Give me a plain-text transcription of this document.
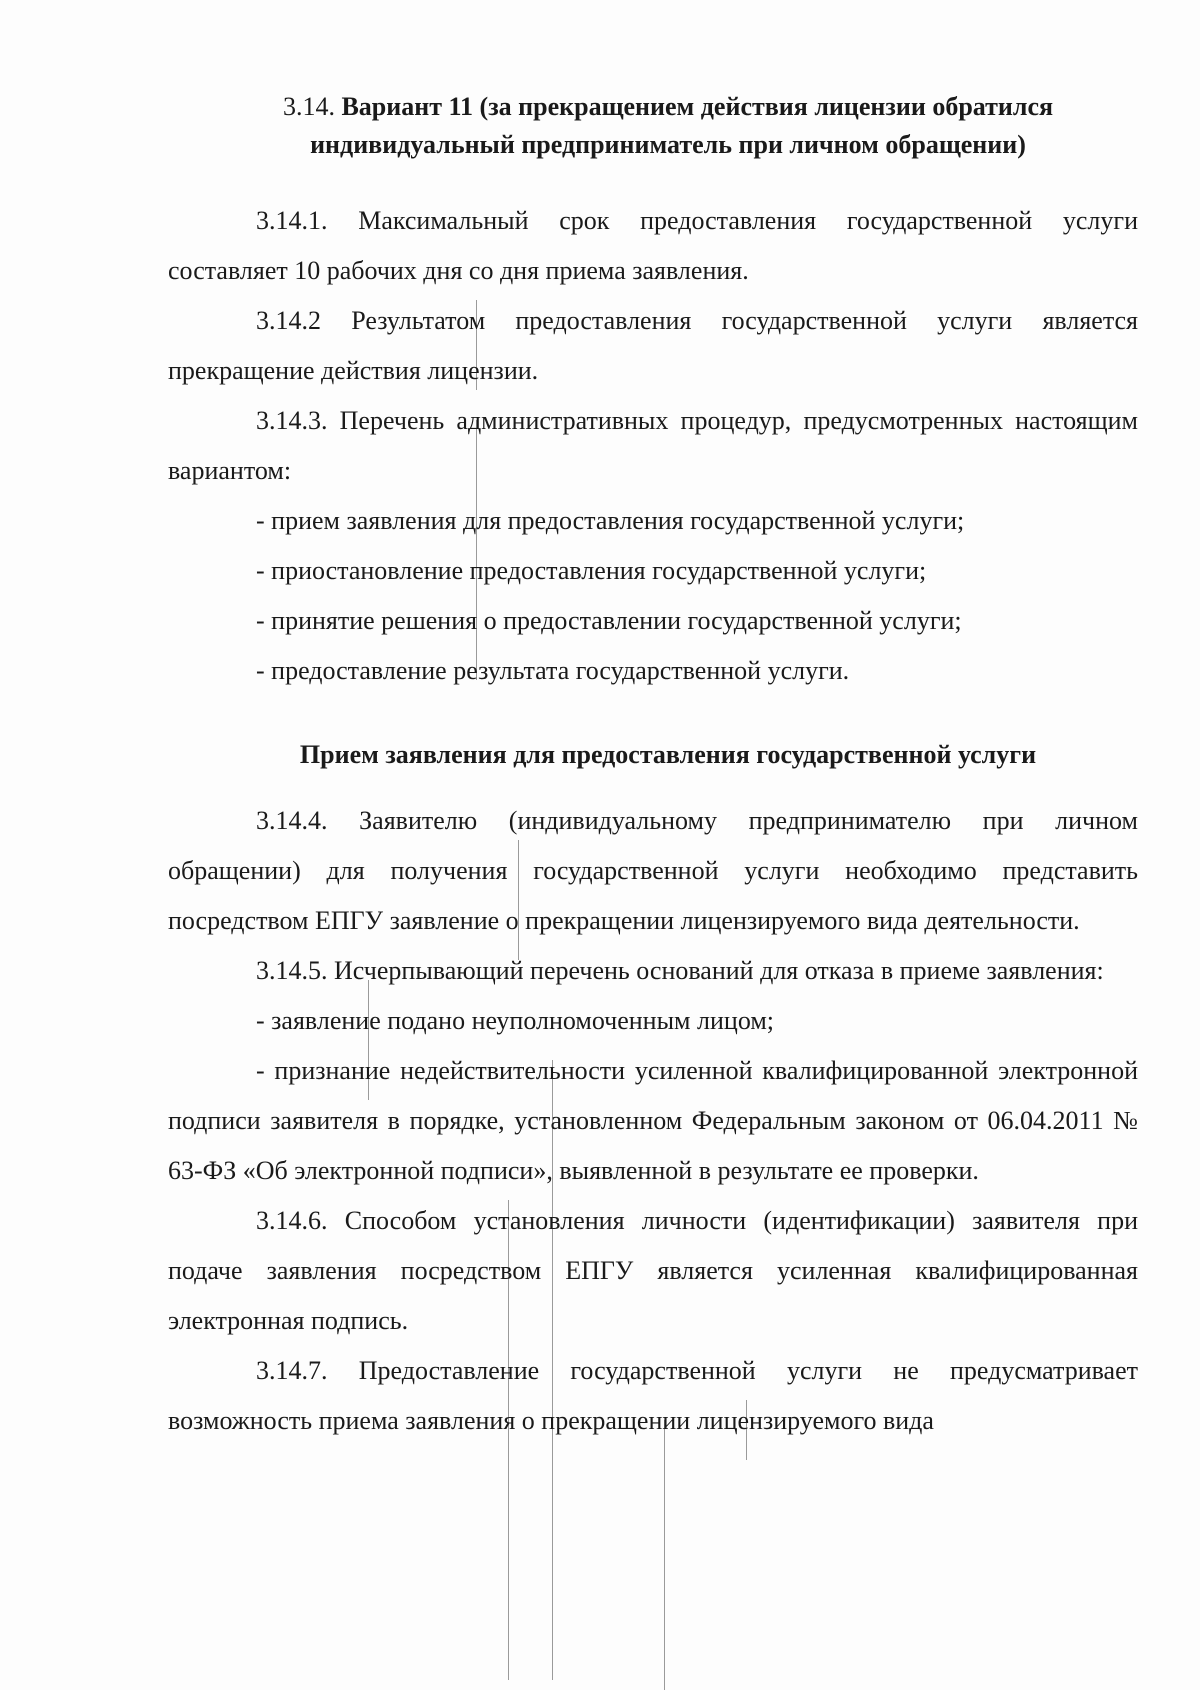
3.14. Вариант 11 (за прекращением действия лицензии обратился индивидуальный предприниматель при личном обращении)

3.14.1. Максимальный срок предоставления государственной услуги составляет 10 рабочих дня со дня приема заявления.

3.14.2 Результатом предоставления государственной услуги является прекращение действия лицензии.

3.14.3. Перечень административных процедур, предусмотренных настоящим вариантом:

- прием заявления для предоставления государственной услуги;

- приостановление предоставления государственной услуги;

- принятие решения о предоставлении государственной услуги;

- предоставление результата государственной услуги.

Прием заявления для предоставления государственной услуги

3.14.4. Заявителю (индивидуальному предпринимателю при личном обращении) для получения государственной услуги необходимо представить посредством ЕПГУ заявление о прекращении лицензируемого вида деятельности.

3.14.5. Исчерпывающий перечень оснований для отказа в приеме заявления:

- заявление подано неуполномоченным лицом;

- признание недействительности усиленной квалифицированной электронной подписи заявителя в порядке, установленном Федеральным законом от 06.04.2011 № 63-ФЗ «Об электронной подписи», выявленной в результате ее проверки.

3.14.6. Способом установления личности (идентификации) заявителя при подаче заявления посредством ЕПГУ является усиленная квалифицированная электронная подпись.

3.14.7. Предоставление государственной услуги не предусматривает возможность приема заявления о прекращении лицензируемого вида
